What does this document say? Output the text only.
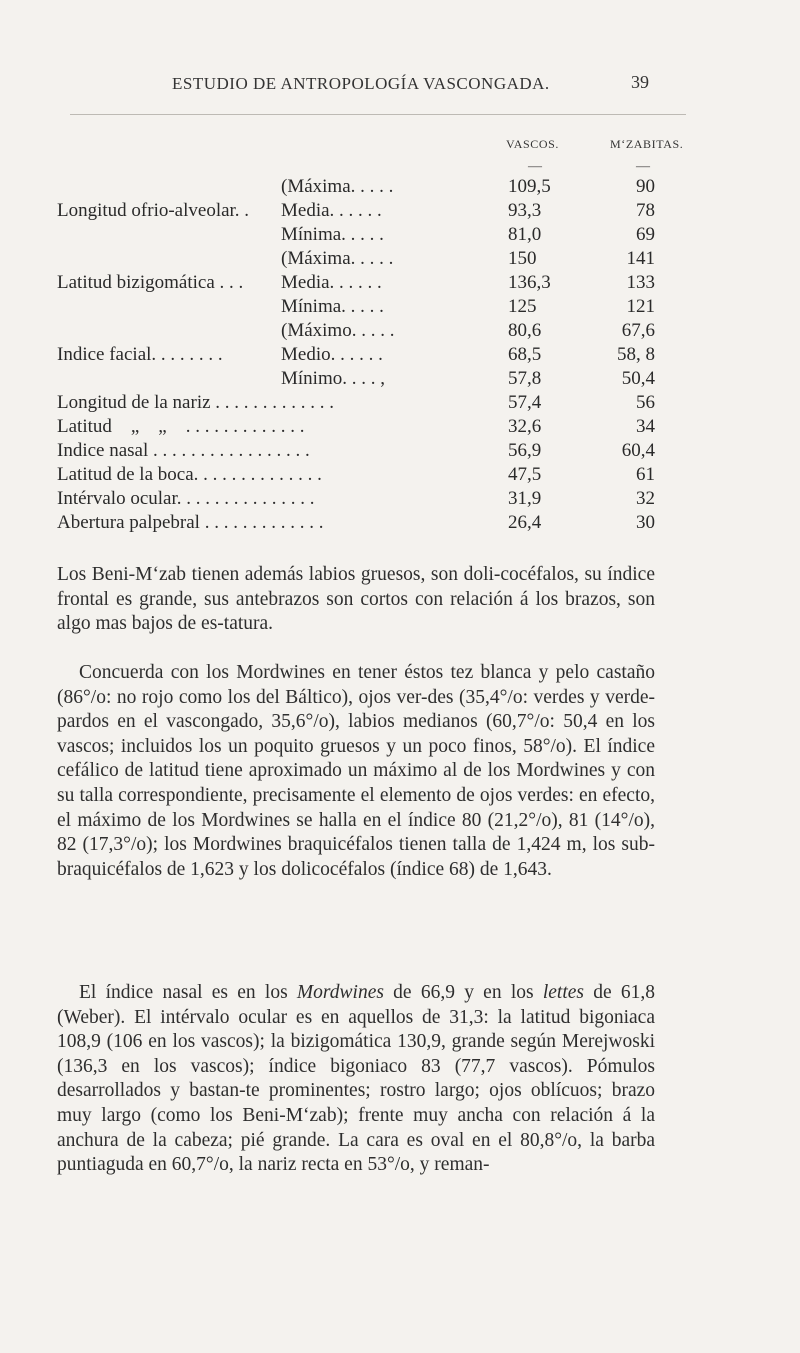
ESTUDIO DE ANTROPOLOGÍA VASCONGADA.	39
VASCOS.	M‘ZABITAS.
—	—
(Máxima. . . . .	109,5	90
Longitud ofrio-alveolar. . Media. . . . . .	93,3	78
Mínima. . . . .	81,0	69
(Máxima. . . . .	150	141
Latitud bizigomática . . . Media. . . . . .	136,3	133
Mínima. . . . .	125	121
(Máximo. . . . .	80,6	67,6
Indice facial. . . . . . . .	Medio. . . . . .	68,5	58, 8
Mínimo. . . . ,	57,8	50,4
Longitud de la nariz . . . . . . . . . . . . .	57,4	56
Latitud    „    „    . . . . . . . . . . . . .	32,6	34
Indice nasal . . . . . . . . . . . . . . . . .	56,9	60,4
Latitud de la boca. . . . . . . . . . . . . .	47,5	61
Intérvalo ocular. . . . . . . . . . . . . . .	31,9	32
Abertura palpebral . . . . . . . . . . . . .	26,4	30

Los Beni-M‘zab tienen además labios gruesos, son doli-cocéfalos, su índice frontal es grande, sus antebrazos son cortos con relación á los brazos, son algo mas bajos de es-tatura.

Concuerda con los Mordwines en tener éstos tez blanca y pelo castaño (86°/o: no rojo como los del Báltico), ojos ver-des (35,4°/o: verdes y verde-pardos en el vascongado, 35,6°/o), labios medianos (60,7°/o: 50,4 en los vascos; incluidos los un poquito gruesos y un poco finos, 58°/o). El índice cefálico de latitud tiene aproximado un máximo al de los Mordwines y con su talla correspondiente, precisamente el elemento de ojos verdes: en efecto, el máximo de los Mordwines se halla en el índice 80 (21,2°/o), 81 (14°/o), 82 (17,3°/o); los Mordwines braquicéfalos tienen talla de 1,424 m, los sub-braquicéfalos de 1,623 y los dolicocéfalos (índice 68) de 1,643.

El índice nasal es en los Mordwines de 66,9 y en los lettes de 61,8 (Weber). El intérvalo ocular es en aquellos de 31,3: la latitud bigoniaca 108,9 (106 en los vascos); la bizigomática 130,9, grande según Merejwoski (136,3 en los vascos); índice bigoniaco 83 (77,7 vascos). Pómulos desarrollados y bastan-te prominentes; rostro largo; ojos oblícuos; brazo muy largo (como los Beni-M‘zab); frente muy ancha con relación á la anchura de la cabeza; pié grande. La cara es oval en el 80,8°/o, la barba puntiaguda en 60,7°/o, la nariz recta en 53°/o, y reman-
